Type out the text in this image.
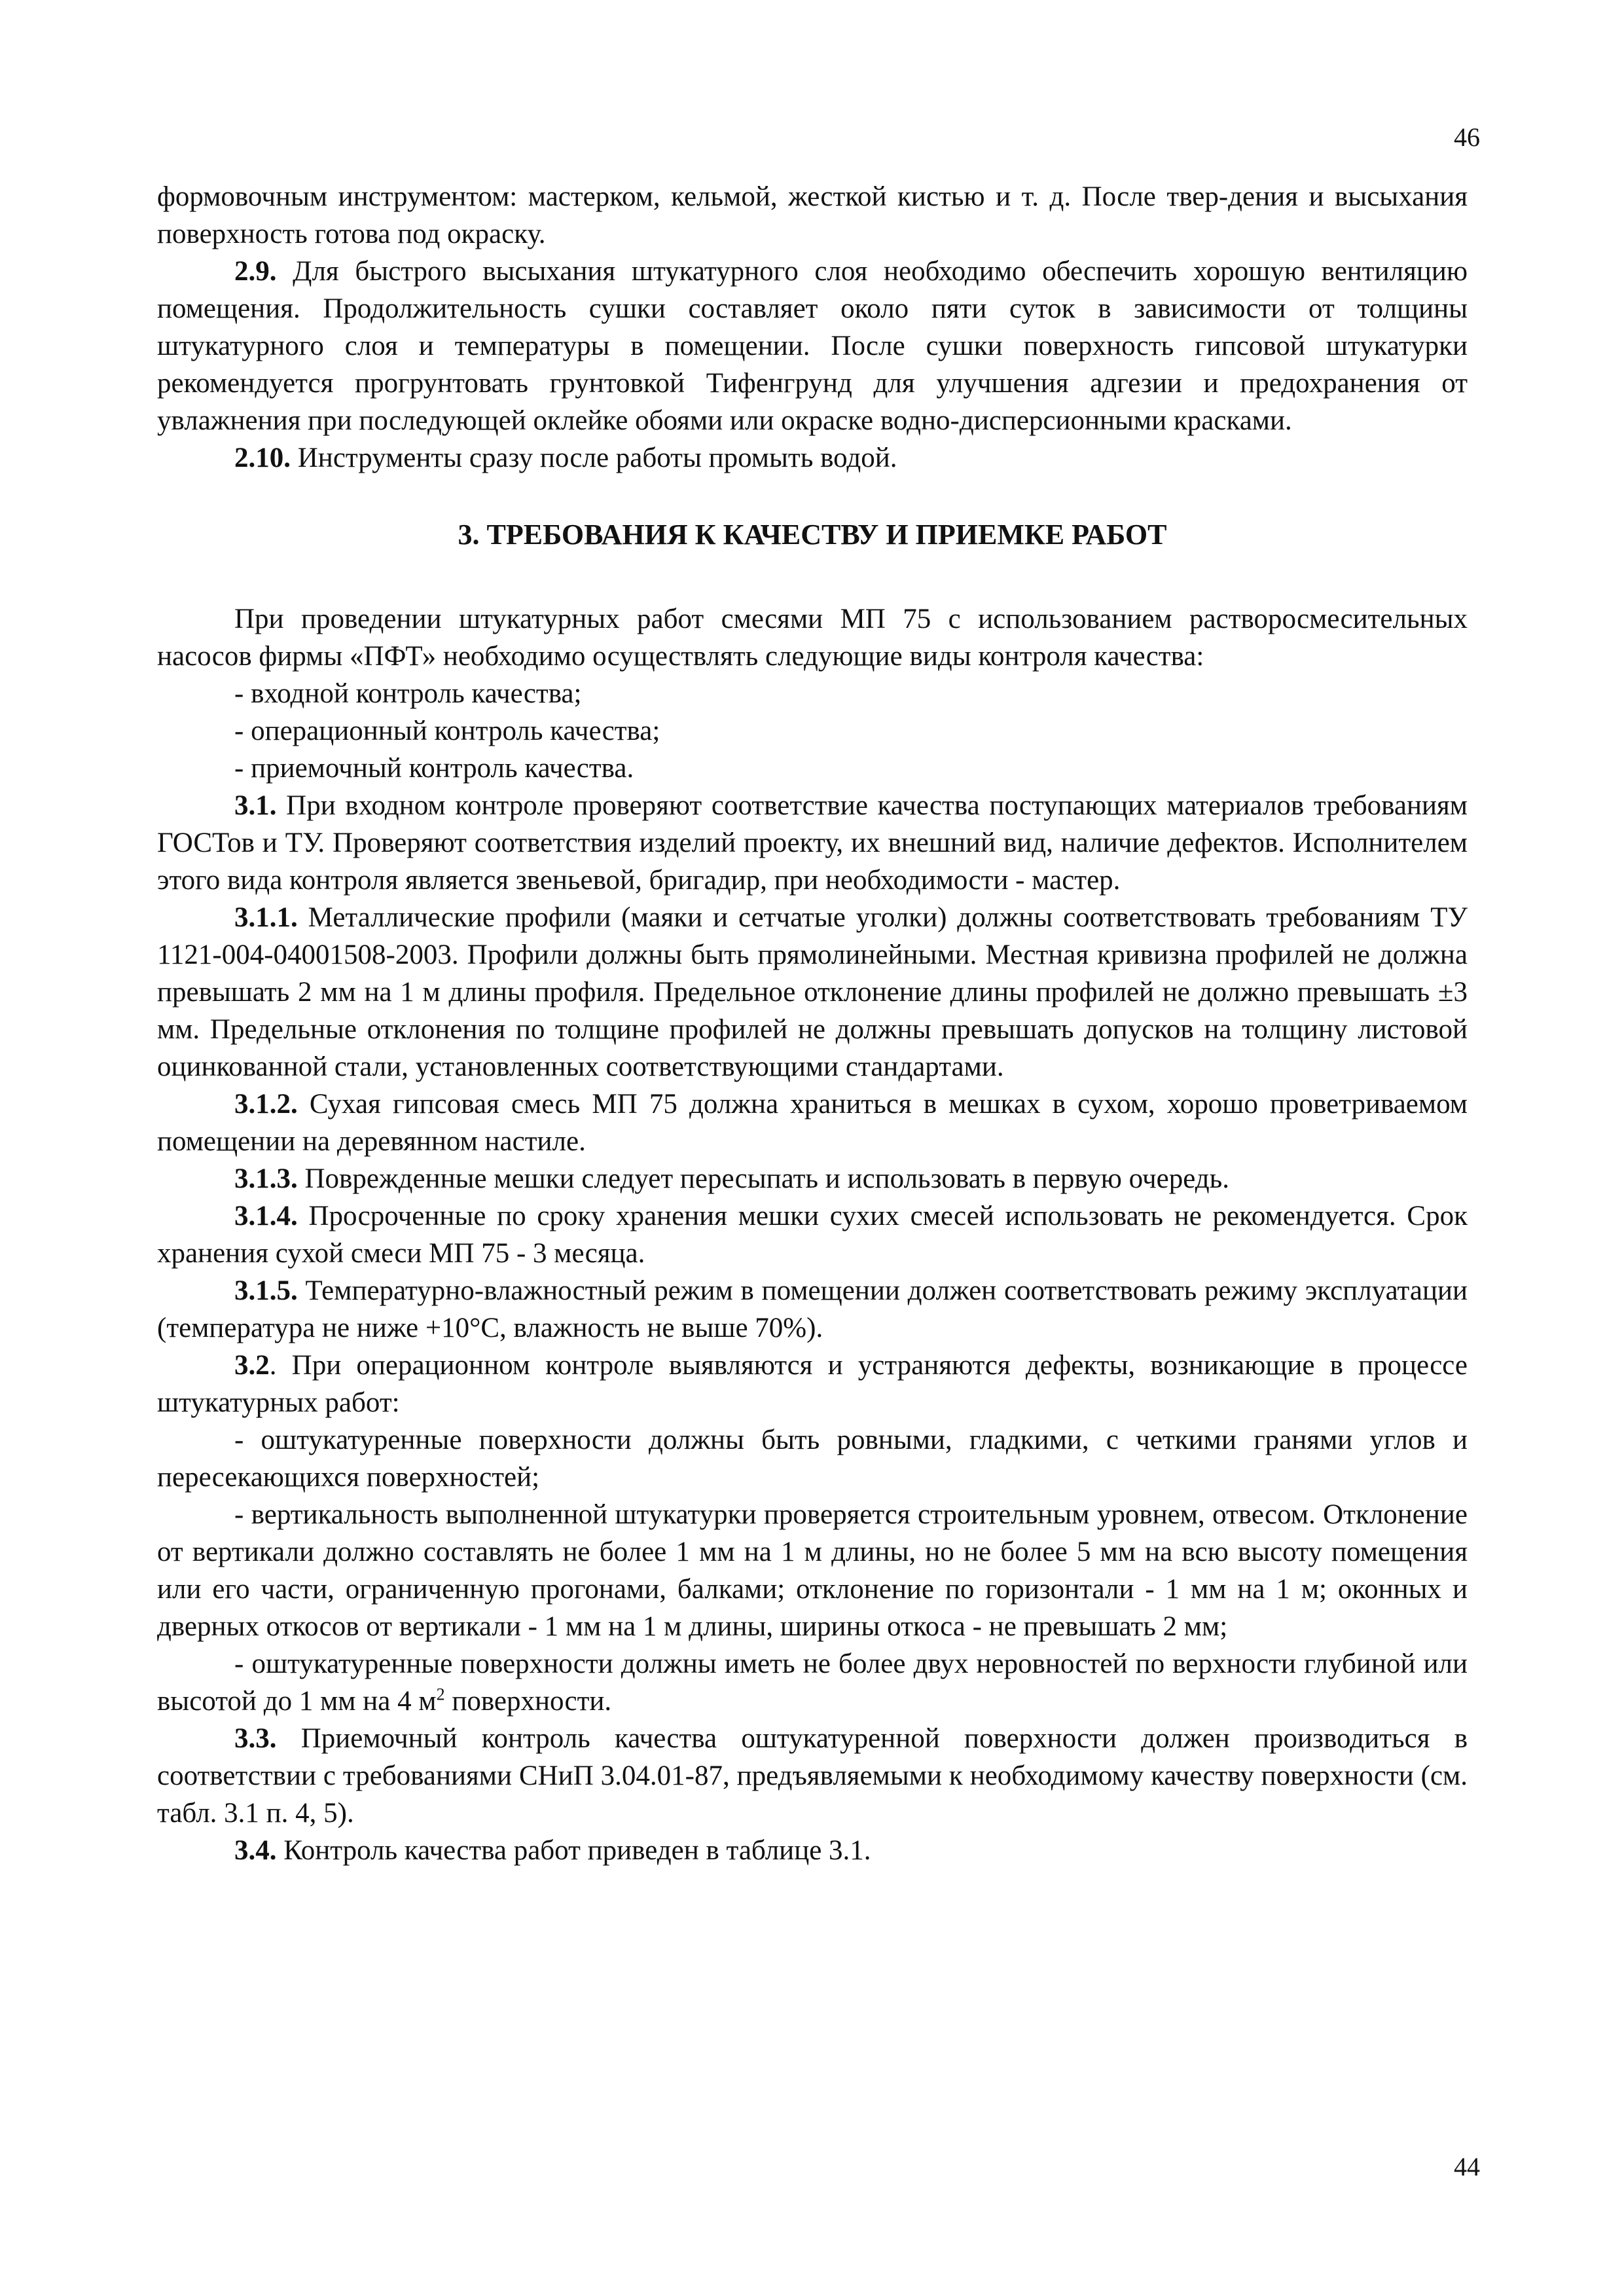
46

формовочным инструментом: мастерком, кельмой, жесткой кистью и т. д. После твер-дения и высыхания поверхность готова под окраску.

2.9. Для быстрого высыхания штукатурного слоя необходимо обеспечить хорошую вентиляцию помещения. Продолжительность сушки составляет около пяти суток в зависимости от толщины штукатурного слоя и температуры в помещении. После сушки поверхность гипсовой штукатурки рекомендуется прогрунтовать грунтовкой Тифенгрунд для улучшения адгезии и предохранения от увлажнения при последующей оклейке обоями или окраске водно-дисперсионными красками.

2.10. Инструменты сразу после работы промыть водой.

3. ТРЕБОВАНИЯ К КАЧЕСТВУ И ПРИЕМКЕ РАБОТ

При проведении штукатурных работ смесями МП 75 с использованием растворосмесительных насосов фирмы «ПФТ» необходимо осуществлять следующие виды контроля качества:

- входной контроль качества;

- операционный контроль качества;

- приемочный контроль качества.

3.1. При входном контроле проверяют соответствие качества поступающих материалов требованиям ГОСТов и ТУ. Проверяют соответствия изделий проекту, их внешний вид, наличие дефектов. Исполнителем этого вида контроля является звеньевой, бригадир, при необходимости - мастер.

3.1.1. Металлические профили (маяки и сетчатые уголки) должны соответствовать требованиям ТУ 1121-004-04001508-2003. Профили должны быть прямолинейными. Местная кривизна профилей не должна превышать 2 мм на 1 м длины профиля. Предельное отклонение длины профилей не должно превышать ±3 мм. Предельные отклонения по толщине профилей не должны превышать допусков на толщину листовой оцинкованной стали, установленных соответствующими стандартами.

3.1.2. Сухая гипсовая смесь МП 75 должна храниться в мешках в сухом, хорошо проветриваемом помещении на деревянном настиле.

3.1.3. Поврежденные мешки следует пересыпать и использовать в первую очередь.

3.1.4. Просроченные по сроку хранения мешки сухих смесей использовать не рекомендуется. Срок хранения сухой смеси МП 75 - 3 месяца.

3.1.5. Температурно-влажностный режим в помещении должен соответствовать режиму эксплуатации (температура не ниже +10°С, влажность не выше 70%).

3.2. При операционном контроле выявляются и устраняются дефекты, возникающие в процессе штукатурных работ:

- оштукатуренные поверхности должны быть ровными, гладкими, с четкими гранями углов и пересекающихся поверхностей;

- вертикальность выполненной штукатурки проверяется строительным уровнем, отвесом. Отклонение от вертикали должно составлять не более 1 мм на 1 м длины, но не более 5 мм на всю высоту помещения или его части, ограниченную прогонами, балками; отклонение по горизонтали - 1 мм на 1 м; оконных и дверных откосов от вертикали - 1 мм на 1 м длины, ширины откоса - не превышать 2 мм;

- оштукатуренные поверхности должны иметь не более двух неровностей по верхности глубиной или высотой до 1 мм на 4 $м^2$ поверхности.

3.3. Приемочный контроль качества оштукатуренной поверхности должен производиться в соответствии с требованиями СНиП 3.04.01-87, предъявляемыми к необходимому качеству поверхности (см. табл. 3.1 п. 4, 5).

3.4. Контроль качества работ приведен в таблице 3.1.

44
